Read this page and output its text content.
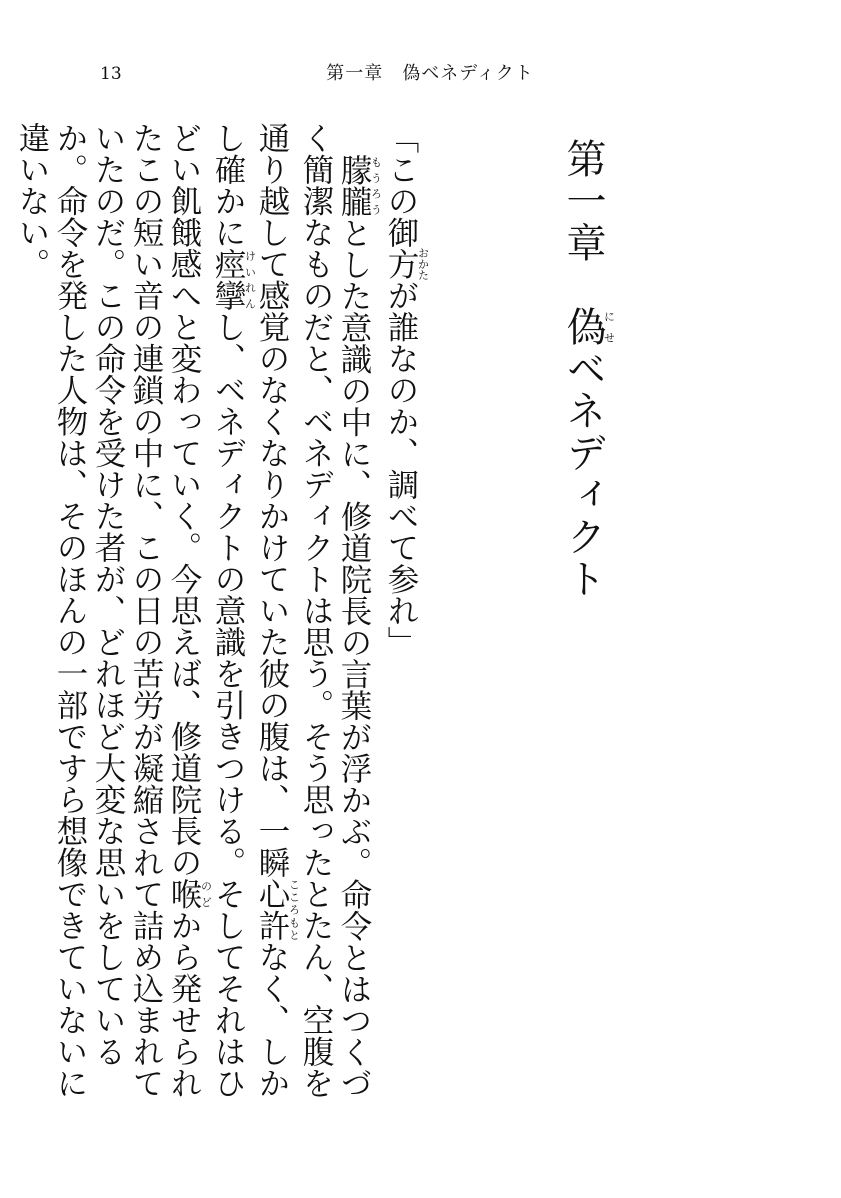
13	第一章　偽ベネディクト
第一章　偽にせベネディクト

「この御方おかたが誰なのか、調べて参れ」

朦朧もうろうとした意識の中に、修道院長の言葉が浮かぶ。命令とはつくづく簡潔なものだと、ベネディクトは思う。そう思ったとたん、空腹を通り越して感覚のなくなりかけていた彼の腹は、一瞬心許こころもとなく、しかし確かに痙攣けいれんし、ベネディクトの意識を引きつける。そしてそれはひどい飢餓感へと変わっていく。今思えば、修道院長の喉のどから発せられたこの短い音の連鎖の中に、この日の苦労が凝縮されて詰め込まれていたのだ。この命令を受けた者が、どれほど大変な思いをしているか。命令を発した人物は、そのほんの一部ですら想像できていないに違いない。
